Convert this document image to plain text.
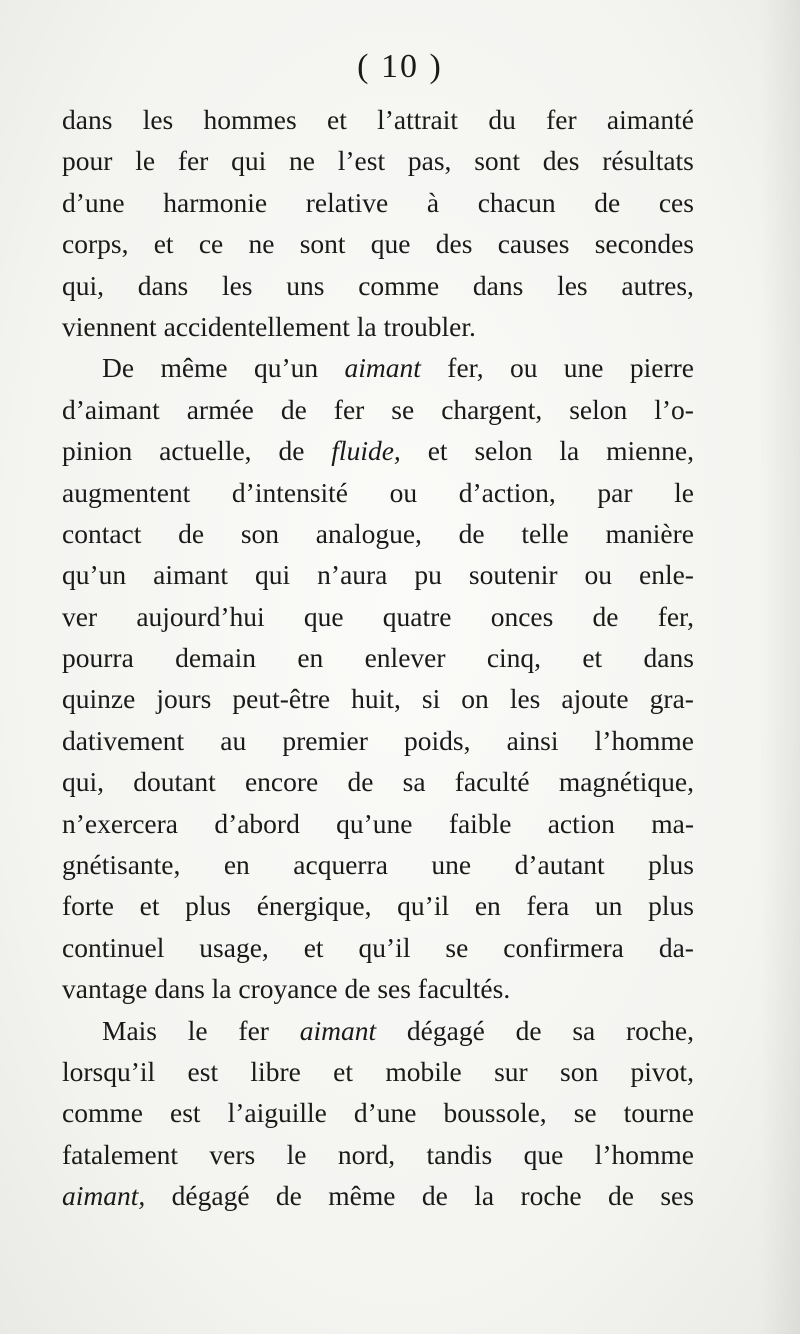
( 10 )
dans les hommes et l’attrait du fer aimanté
pour le fer qui ne l’est pas, sont des résultats
d’une harmonie relative à chacun de ces
corps, et ce ne sont que des causes secondes
qui, dans les uns comme dans les autres,
viennent accidentellement la troubler.
De même qu’un aimant fer, ou une pierre
d’aimant armée de fer se chargent, selon l’o-
pinion actuelle, de fluide, et selon la mienne,
augmentent d’intensité ou d’action, par le
contact de son analogue, de telle manière
qu’un aimant qui n’aura pu soutenir ou enle-
ver aujourd’hui que quatre onces de fer,
pourra demain en enlever cinq, et dans
quinze jours peut-être huit, si on les ajoute gra-
dativement au premier poids, ainsi l’homme
qui, doutant encore de sa faculté magnétique,
n’exercera d’abord qu’une faible action ma-
gnétisante, en acquerra une d’autant plus
forte et plus énergique, qu’il en fera un plus
continuel usage, et qu’il se confirmera da-
vantage dans la croyance de ses facultés.
Mais le fer aimant dégagé de sa roche,
lorsqu’il est libre et mobile sur son pivot,
comme est l’aiguille d’une boussole, se tourne
fatalement vers le nord, tandis que l’homme
aimant, dégagé de même de la roche de ses
